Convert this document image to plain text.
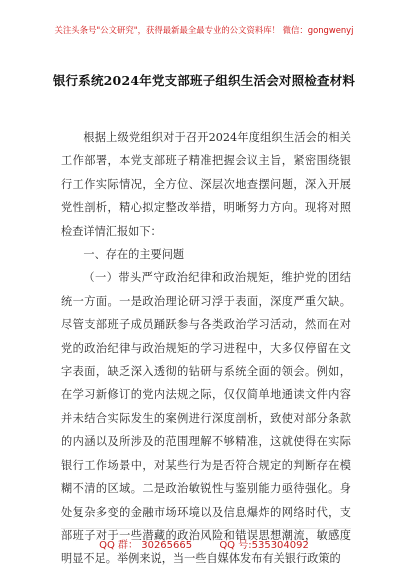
关注头条号"公文研究"，获得最新最全最专业的公文资料库！ 微信：gongwenyj
银行系统2024年党支部班子组织生活会对照检查材料

根据上级党组织对于召开2024年度组织生活会的相关工作部署，本党支部班子精准把握会议主旨，紧密围绕银行工作实际情况，全方位、深层次地查摆问题，深入开展党性剖析，精心拟定整改举措，明晰努力方向。现将对照检查详情汇报如下：

一、存在的主要问题

（一）带头严守政治纪律和政治规矩，维护党的团结统一方面。一是政治理论研习浮于表面，深度严重欠缺。尽管支部班子成员踊跃参与各类政治学习活动，然而在对党的政治纪律与政治规矩的学习进程中，大多仅停留在文字表面，缺乏深入透彻的钻研与系统全面的领会。例如，在学习新修订的党内法规之际，仅仅简单地通读文件内容并未结合实际发生的案例进行深度剖析，致使对部分条款的内涵以及所涉及的范围理解不够精准，这就使得在实际银行工作场景中，对某些行为是否符合规定的判断存在模糊不清的区域。二是政治敏锐性与鉴别能力亟待强化。身处复杂多变的金融市场环境以及信息爆炸的网络时代，支部班子对于一些潜藏的政治风险和错误思想潮流，敏感度明显不足。举例来说，当一些自媒体发布有关银行政策的

QQ 群： 30265665	QQ 号:535304092
